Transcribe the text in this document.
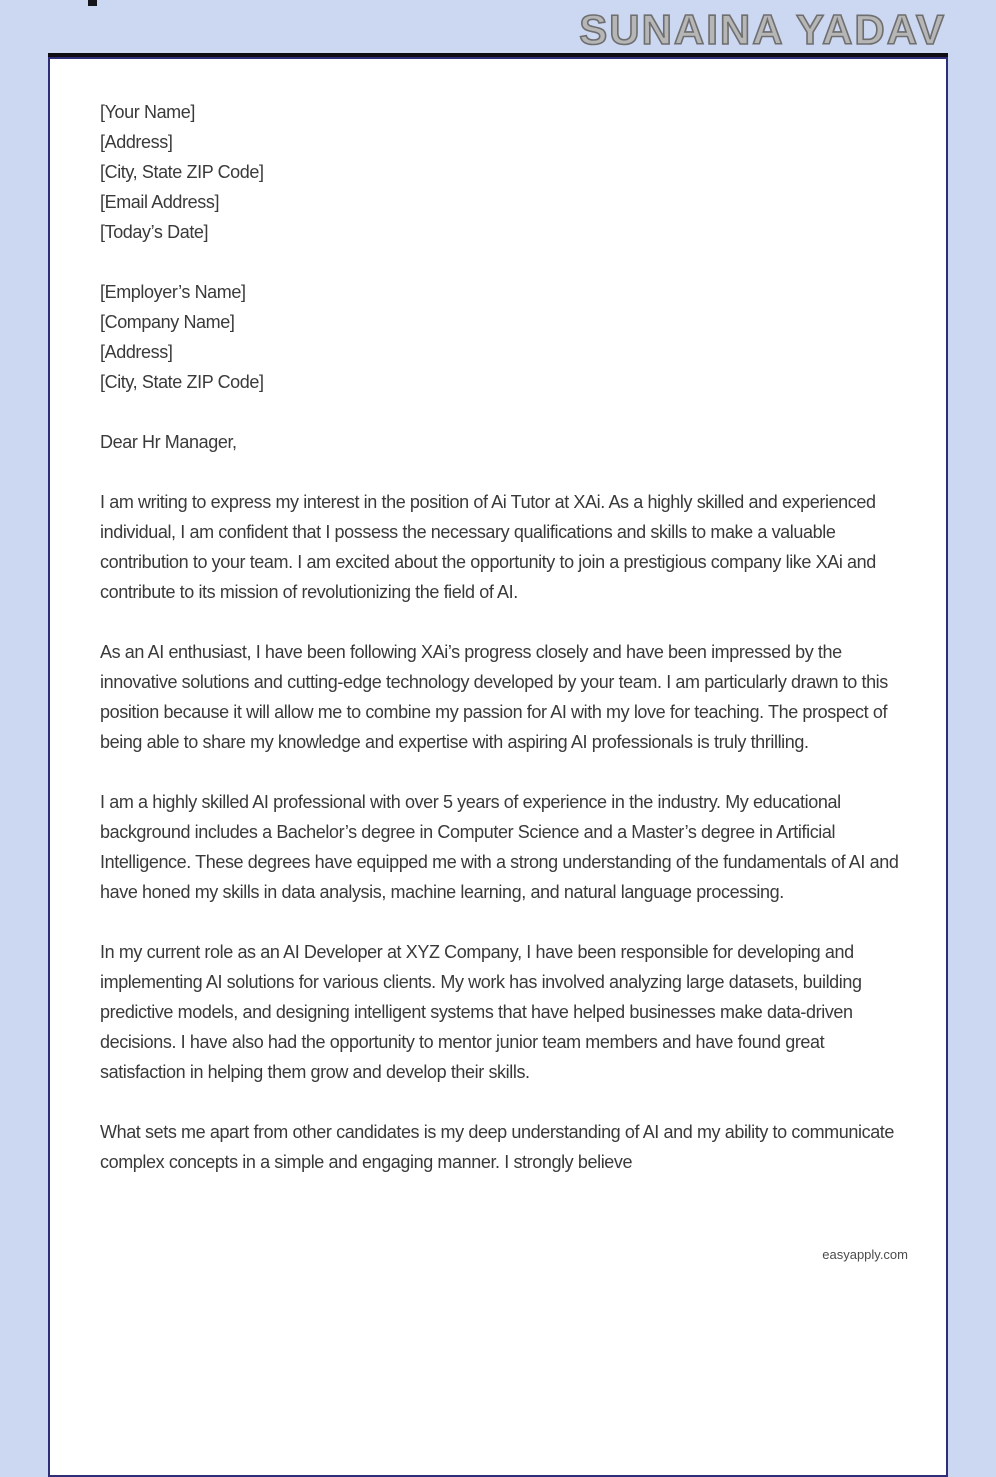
SUNAINA YADAV
[Your Name]
[Address]
[City, State ZIP Code]
[Email Address]
[Today’s Date]
[Employer’s Name]
[Company Name]
[Address]
[City, State ZIP Code]
Dear Hr Manager,
I am writing to express my interest in the position of Ai Tutor at XAi. As a highly skilled and experienced individual, I am confident that I possess the necessary qualifications and skills to make a valuable contribution to your team. I am excited about the opportunity to join a prestigious company like XAi and contribute to its mission of revolutionizing the field of AI.
As an AI enthusiast, I have been following XAi’s progress closely and have been impressed by the innovative solutions and cutting-edge technology developed by your team. I am particularly drawn to this position because it will allow me to combine my passion for AI with my love for teaching. The prospect of being able to share my knowledge and expertise with aspiring AI professionals is truly thrilling.
I am a highly skilled AI professional with over 5 years of experience in the industry. My educational background includes a Bachelor’s degree in Computer Science and a Master’s degree in Artificial Intelligence. These degrees have equipped me with a strong understanding of the fundamentals of AI and have honed my skills in data analysis, machine learning, and natural language processing.
In my current role as an AI Developer at XYZ Company, I have been responsible for developing and implementing AI solutions for various clients. My work has involved analyzing large datasets, building predictive models, and designing intelligent systems that have helped businesses make data-driven decisions. I have also had the opportunity to mentor junior team members and have found great satisfaction in helping them grow and develop their skills.
What sets me apart from other candidates is my deep understanding of AI and my ability to communicate complex concepts in a simple and engaging manner. I strongly believe
easyapply.com
